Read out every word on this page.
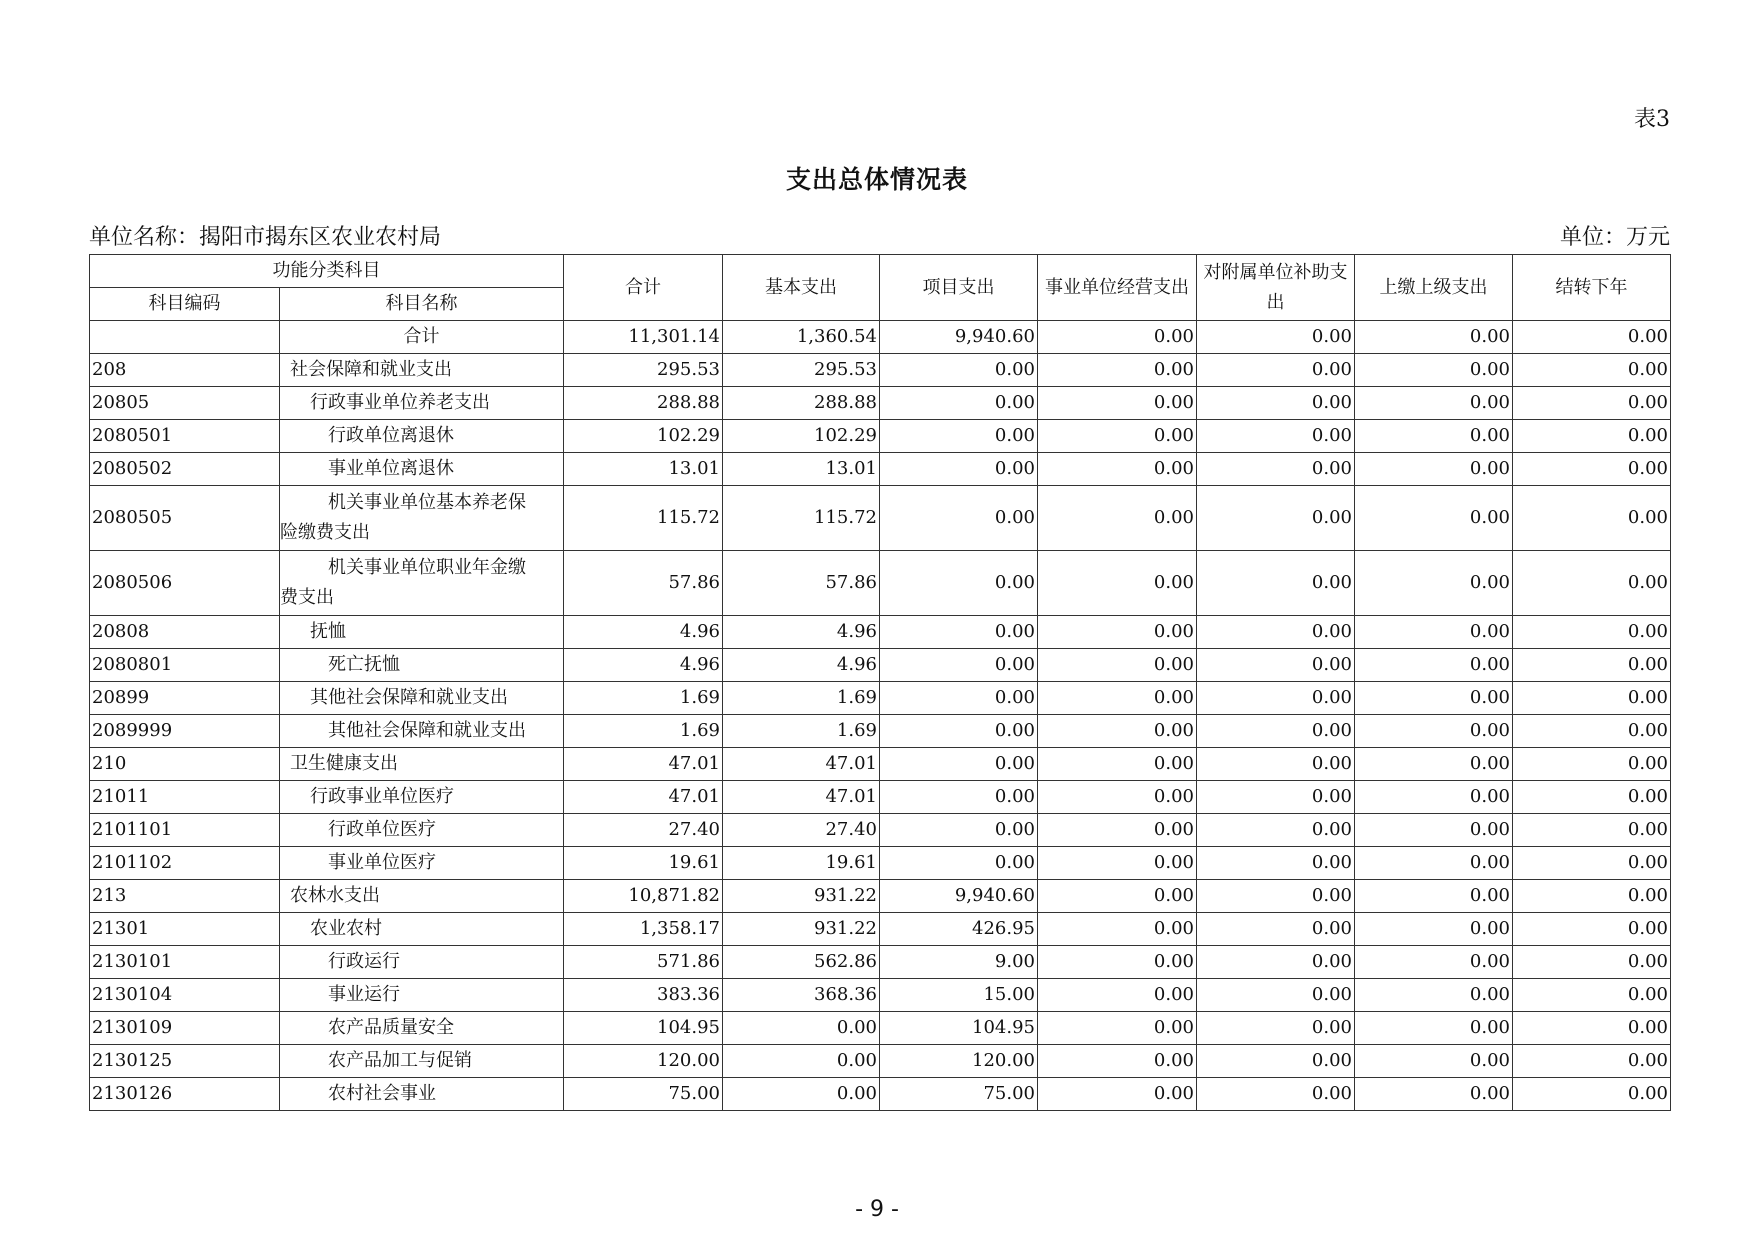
表3
支出总体情况表
单位名称：揭阳市揭东区农业农村局	单位：万元
功能分类科目		合计	基本支出	项目支出	事业单位经营支出	对附属单位补助支出	上缴上级支出	结转下年
科目编码	科目名称							
	合计	11,301.14	1,360.54	9,940.60	0.00	0.00	0.00	0.00
208	社会保障和就业支出	295.53	295.53	0.00	0.00	0.00	0.00	0.00
20805	行政事业单位养老支出	288.88	288.88	0.00	0.00	0.00	0.00	0.00
2080501	行政单位离退休	102.29	102.29	0.00	0.00	0.00	0.00	0.00
2080502	事业单位离退休	13.01	13.01	0.00	0.00	0.00	0.00	0.00
2080505	机关事业单位基本养老保
险缴费支出	115.72	115.72	0.00	0.00	0.00	0.00	0.00
2080506	机关事业单位职业年金缴
费支出	57.86	57.86	0.00	0.00	0.00	0.00	0.00
20808	抚恤	4.96	4.96	0.00	0.00	0.00	0.00	0.00
2080801	死亡抚恤	4.96	4.96	0.00	0.00	0.00	0.00	0.00
20899	其他社会保障和就业支出	1.69	1.69	0.00	0.00	0.00	0.00	0.00
2089999	其他社会保障和就业支出	1.69	1.69	0.00	0.00	0.00	0.00	0.00
210	卫生健康支出	47.01	47.01	0.00	0.00	0.00	0.00	0.00
21011	行政事业单位医疗	47.01	47.01	0.00	0.00	0.00	0.00	0.00
2101101	行政单位医疗	27.40	27.40	0.00	0.00	0.00	0.00	0.00
2101102	事业单位医疗	19.61	19.61	0.00	0.00	0.00	0.00	0.00
213	农林水支出	10,871.82	931.22	9,940.60	0.00	0.00	0.00	0.00
21301	农业农村	1,358.17	931.22	426.95	0.00	0.00	0.00	0.00
2130101	行政运行	571.86	562.86	9.00	0.00	0.00	0.00	0.00
2130104	事业运行	383.36	368.36	15.00	0.00	0.00	0.00	0.00
2130109	农产品质量安全	104.95	0.00	104.95	0.00	0.00	0.00	0.00
2130125	农产品加工与促销	120.00	0.00	120.00	0.00	0.00	0.00	0.00
2130126	农村社会事业	75.00	0.00	75.00	0.00	0.00	0.00	0.00
- 9 -
